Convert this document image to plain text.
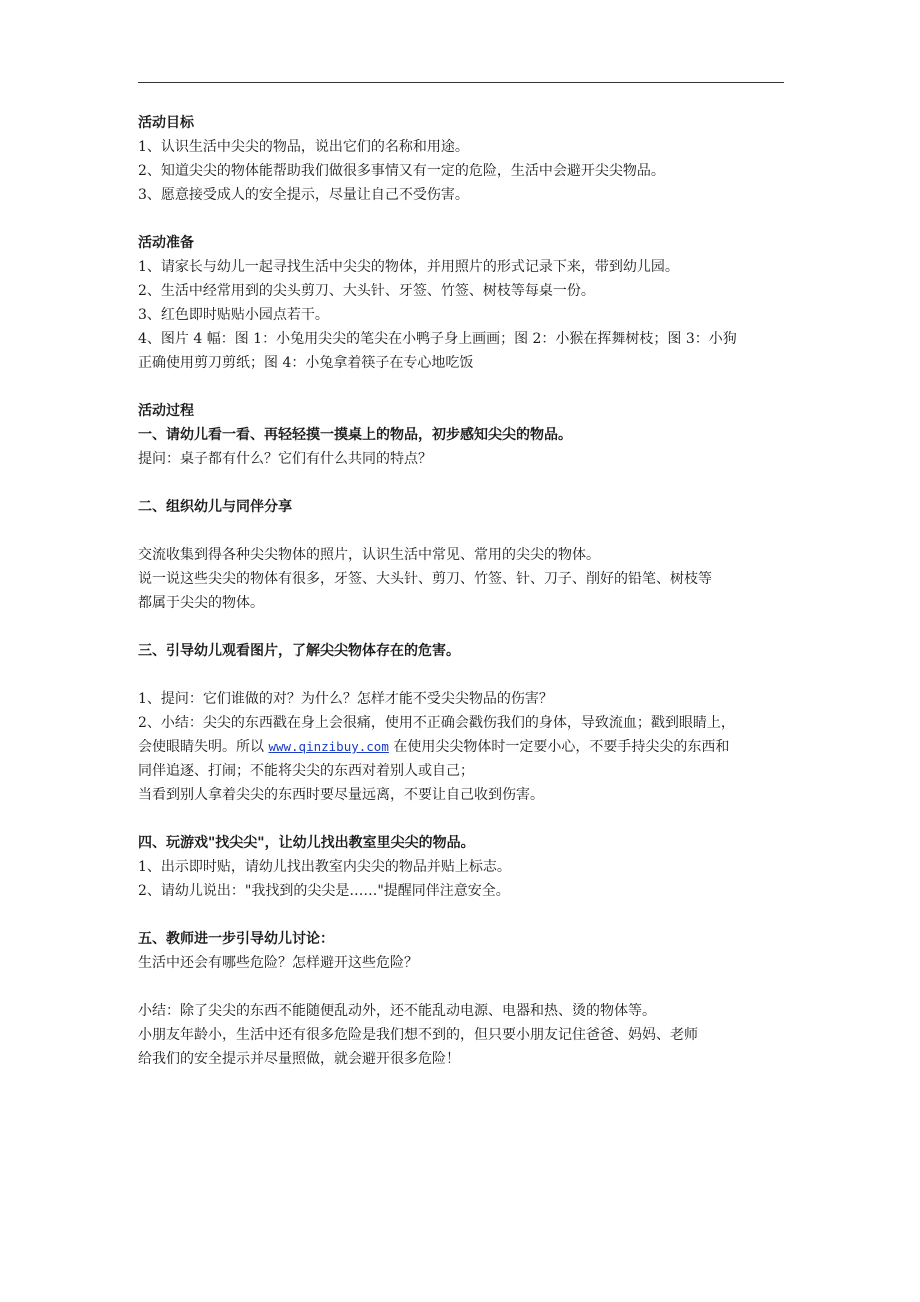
活动目标
1、认识生活中尖尖的物品，说出它们的名称和用途。
2、知道尖尖的物体能帮助我们做很多事情又有一定的危险，生活中会避开尖尖物品。
3、愿意接受成人的安全提示，尽量让自己不受伤害。
活动准备
1、请家长与幼儿一起寻找生活中尖尖的物体，并用照片的形式记录下来，带到幼儿园。
2、生活中经常用到的尖头剪刀、大头针、牙签、竹签、树枝等每桌一份。
3、红色即时贴贴小园点若干。
4、图片 4 幅：图 1：小兔用尖尖的笔尖在小鸭子身上画画；图 2：小猴在挥舞树枝；图 3：小狗
正确使用剪刀剪纸；图 4：小兔拿着筷子在专心地吃饭
活动过程
一、请幼儿看一看、再轻轻摸一摸桌上的物品，初步感知尖尖的物品。
提问：桌子都有什么？它们有什么共同的特点？
二、组织幼儿与同伴分享
交流收集到得各种尖尖物体的照片，认识生活中常见、常用的尖尖的物体。
说一说这些尖尖的物体有很多，牙签、大头针、剪刀、竹签、针、刀子、削好的铅笔、树枝等
都属于尖尖的物体。
三、引导幼儿观看图片，了解尖尖物体存在的危害。
1、提问：它们谁做的对？为什么？怎样才能不受尖尖物品的伤害？
2、小结：尖尖的东西戳在身上会很痛，使用不正确会戳伤我们的身体，导致流血；戳到眼睛上，
会使眼睛失明。所以 www.qinzibuy.com 在使用尖尖物体时一定要小心，不要手持尖尖的东西和
同伴追逐、打闹；不能将尖尖的东西对着别人或自己；
当看到别人拿着尖尖的东西时要尽量远离，不要让自己收到伤害。
四、玩游戏"找尖尖"，让幼儿找出教室里尖尖的物品。
1、出示即时贴，请幼儿找出教室内尖尖的物品并贴上标志。
2、请幼儿说出："我找到的尖尖是……"提醒同伴注意安全。
五、教师进一步引导幼儿讨论：
生活中还会有哪些危险？怎样避开这些危险？
小结：除了尖尖的东西不能随便乱动外，还不能乱动电源、电器和热、烫的物体等。
小朋友年龄小，生活中还有很多危险是我们想不到的，但只要小朋友记住爸爸、妈妈、老师
给我们的安全提示并尽量照做，就会避开很多危险！
